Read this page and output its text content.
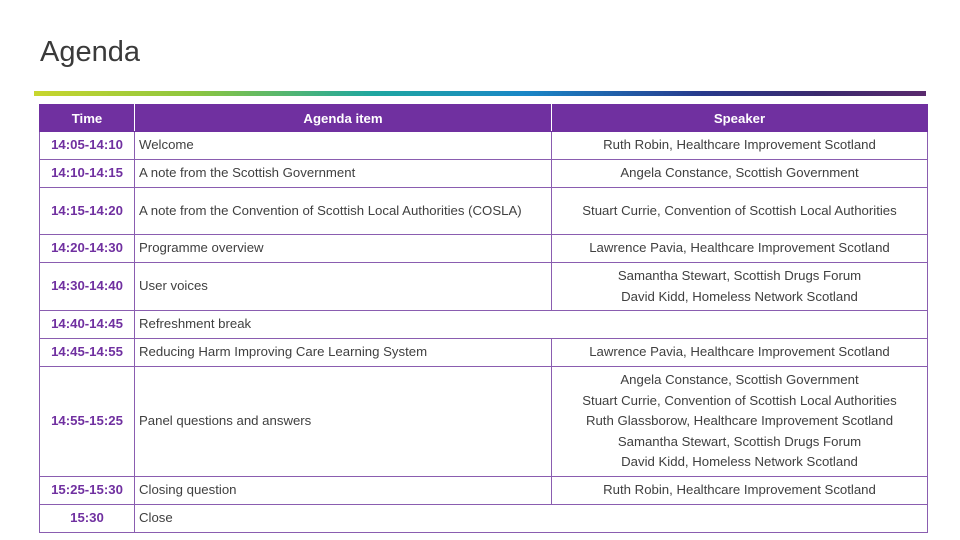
Agenda
Time	Agenda item	Speaker
14:05-14:10	Welcome	Ruth Robin, Healthcare Improvement Scotland
14:10-14:15	A note from the Scottish Government	Angela Constance, Scottish Government
14:15-14:20	A note from the Convention of Scottish Local Authorities (COSLA)	Stuart Currie, Convention of Scottish Local Authorities
14:20-14:30	Programme overview	Lawrence Pavia, Healthcare Improvement Scotland
14:30-14:40	User voices	Samantha Stewart, Scottish Drugs Forum
David Kidd, Homeless Network Scotland

14:40-14:45	Refreshment break	
14:45-14:55	Reducing Harm Improving Care Learning System	Lawrence Pavia, Healthcare Improvement Scotland
14:55-15:25	Panel questions and answers	Angela Constance, Scottish Government
Stuart Currie, Convention of Scottish Local Authorities
Ruth Glassborow, Healthcare Improvement Scotland
Samantha Stewart, Scottish Drugs Forum
David Kidd, Homeless Network Scotland

15:25-15:30	Closing question	Ruth Robin, Healthcare Improvement Scotland
15:30	Close	
